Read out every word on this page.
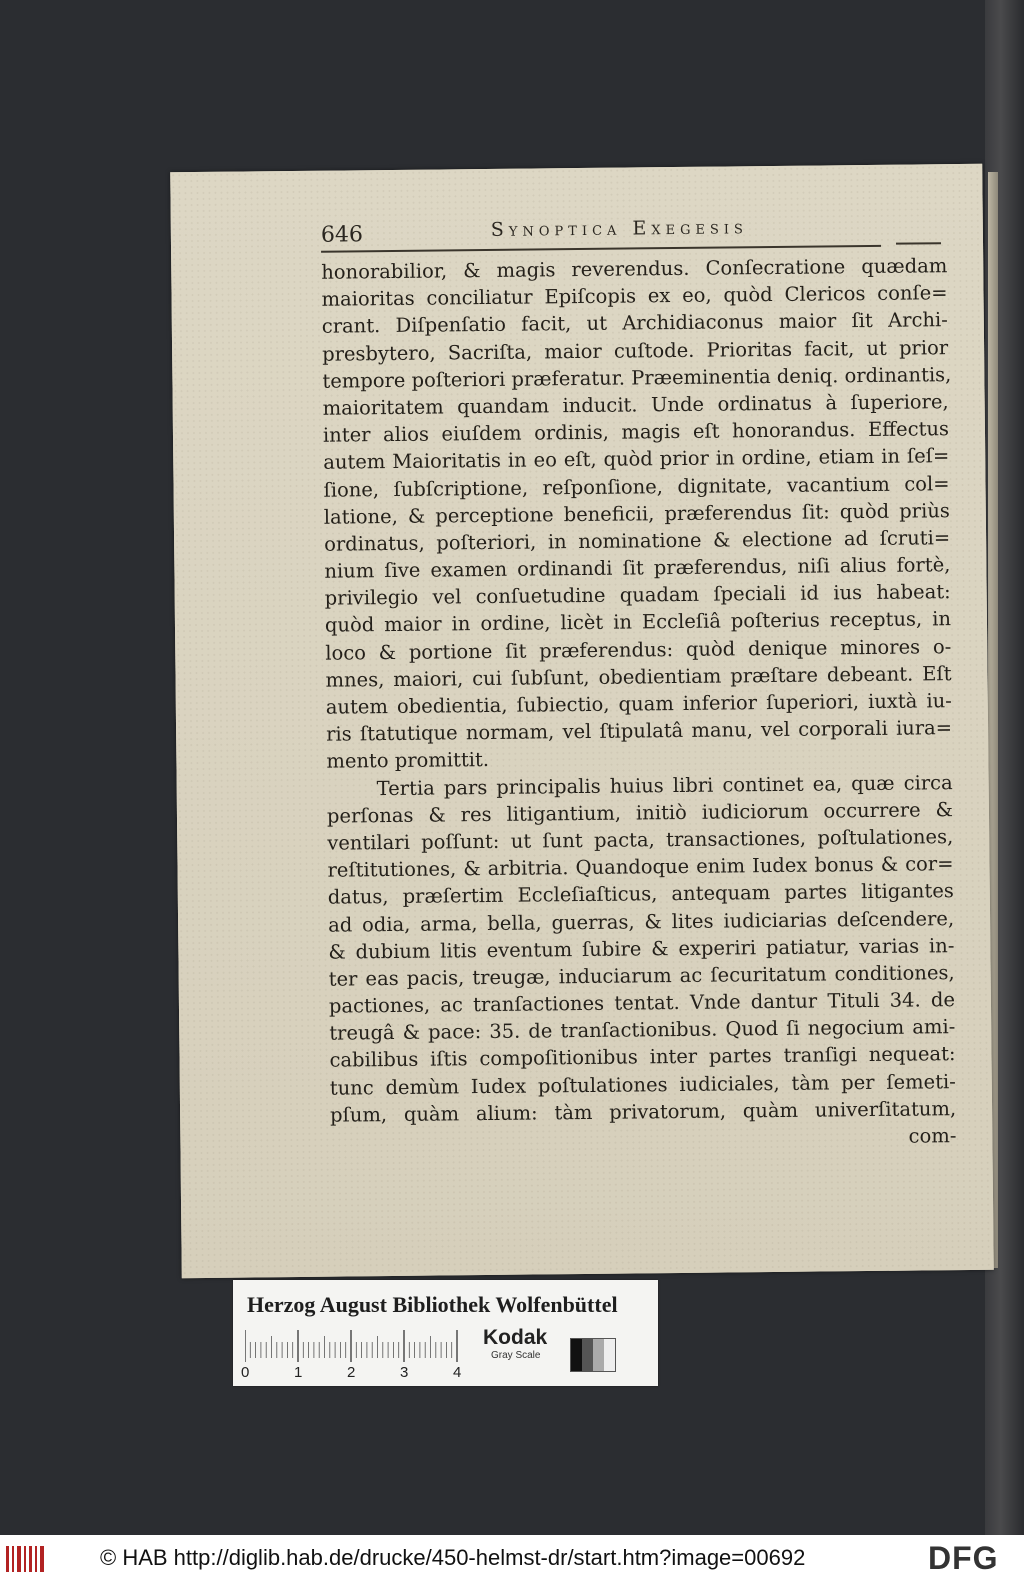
646	Synoptica Exegesis
honorabilior, & magis reverendus. Conſecratione quædam
maioritas conciliatur Epiſcopis ex eo, quòd Clericos conſe=
crant. Diſpenſatio facit, ut Archidiaconus maior ſit Archi-
presbytero, Sacriſta, maior cuſtode. Prioritas facit, ut prior
tempore poſteriori præferatur. Præeminentia deniq. ordinantis,
maioritatem quandam inducit. Unde ordinatus à ſuperiore,
inter alios eiuſdem ordinis, magis eſt honorandus. Effectus
autem Maioritatis in eo eſt, quòd prior in ordine, etiam in ſeſ=
ſione, ſubſcriptione, reſponſione, dignitate, vacantium col=
latione, & perceptione beneficii, præferendus ſit: quòd priùs
ordinatus, poſteriori, in nominatione & electione ad ſcruti=
nium ſive examen ordinandi ſit præferendus, niſi alius fortè,
privilegio vel conſuetudine quadam ſpeciali id ius habeat:
quòd maior in ordine, licèt in Eccleſiâ poſterius receptus, in
loco & portione ſit præferendus: quòd denique minores o-
mnes, maiori, cui ſubſunt, obedientiam præſtare debeant. Eſt
autem obedientia, ſubiectio, quam inferior ſuperiori, iuxtà iu-
ris ſtatutique normam, vel ſtipulatâ manu, vel corporali iura=
mento promittit.
Tertia pars principalis huius libri continet ea, quæ circa
perſonas & res litigantium, initiò iudiciorum occurrere &
ventilari poſſunt: ut ſunt pacta, transactiones, poſtulationes,
reſtitutiones, & arbitria. Quandoque enim Iudex bonus & cor=
datus, præſertim Eccleſiaſticus, antequam partes litigantes
ad odia, arma, bella, guerras, & lites iudiciarias deſcendere,
& dubium litis eventum ſubire & experiri patiatur, varias in-
ter eas pacis, treugæ, induciarum ac ſecuritatum conditiones,
pactiones, ac tranſactiones tentat. Vnde dantur Tituli 34. de
treugâ & pace: 35. de tranſactionibus. Quod ſi negocium ami-
cabilibus iſtis compoſitionibus inter partes tranſigi nequeat:
tunc demùm Iudex poſtulationes iudiciales, tàm per ſemeti-
pſum, quàm alium: tàm privatorum, quàm univerſitatum,
com-
Herzog August Bibliothek Wolfenbüttel
0	1	2	3	4
Kodak
Gray Scale
© HAB http://diglib.hab.de/drucke/450-helmst-dr/start.htm?image=00692	DFG
